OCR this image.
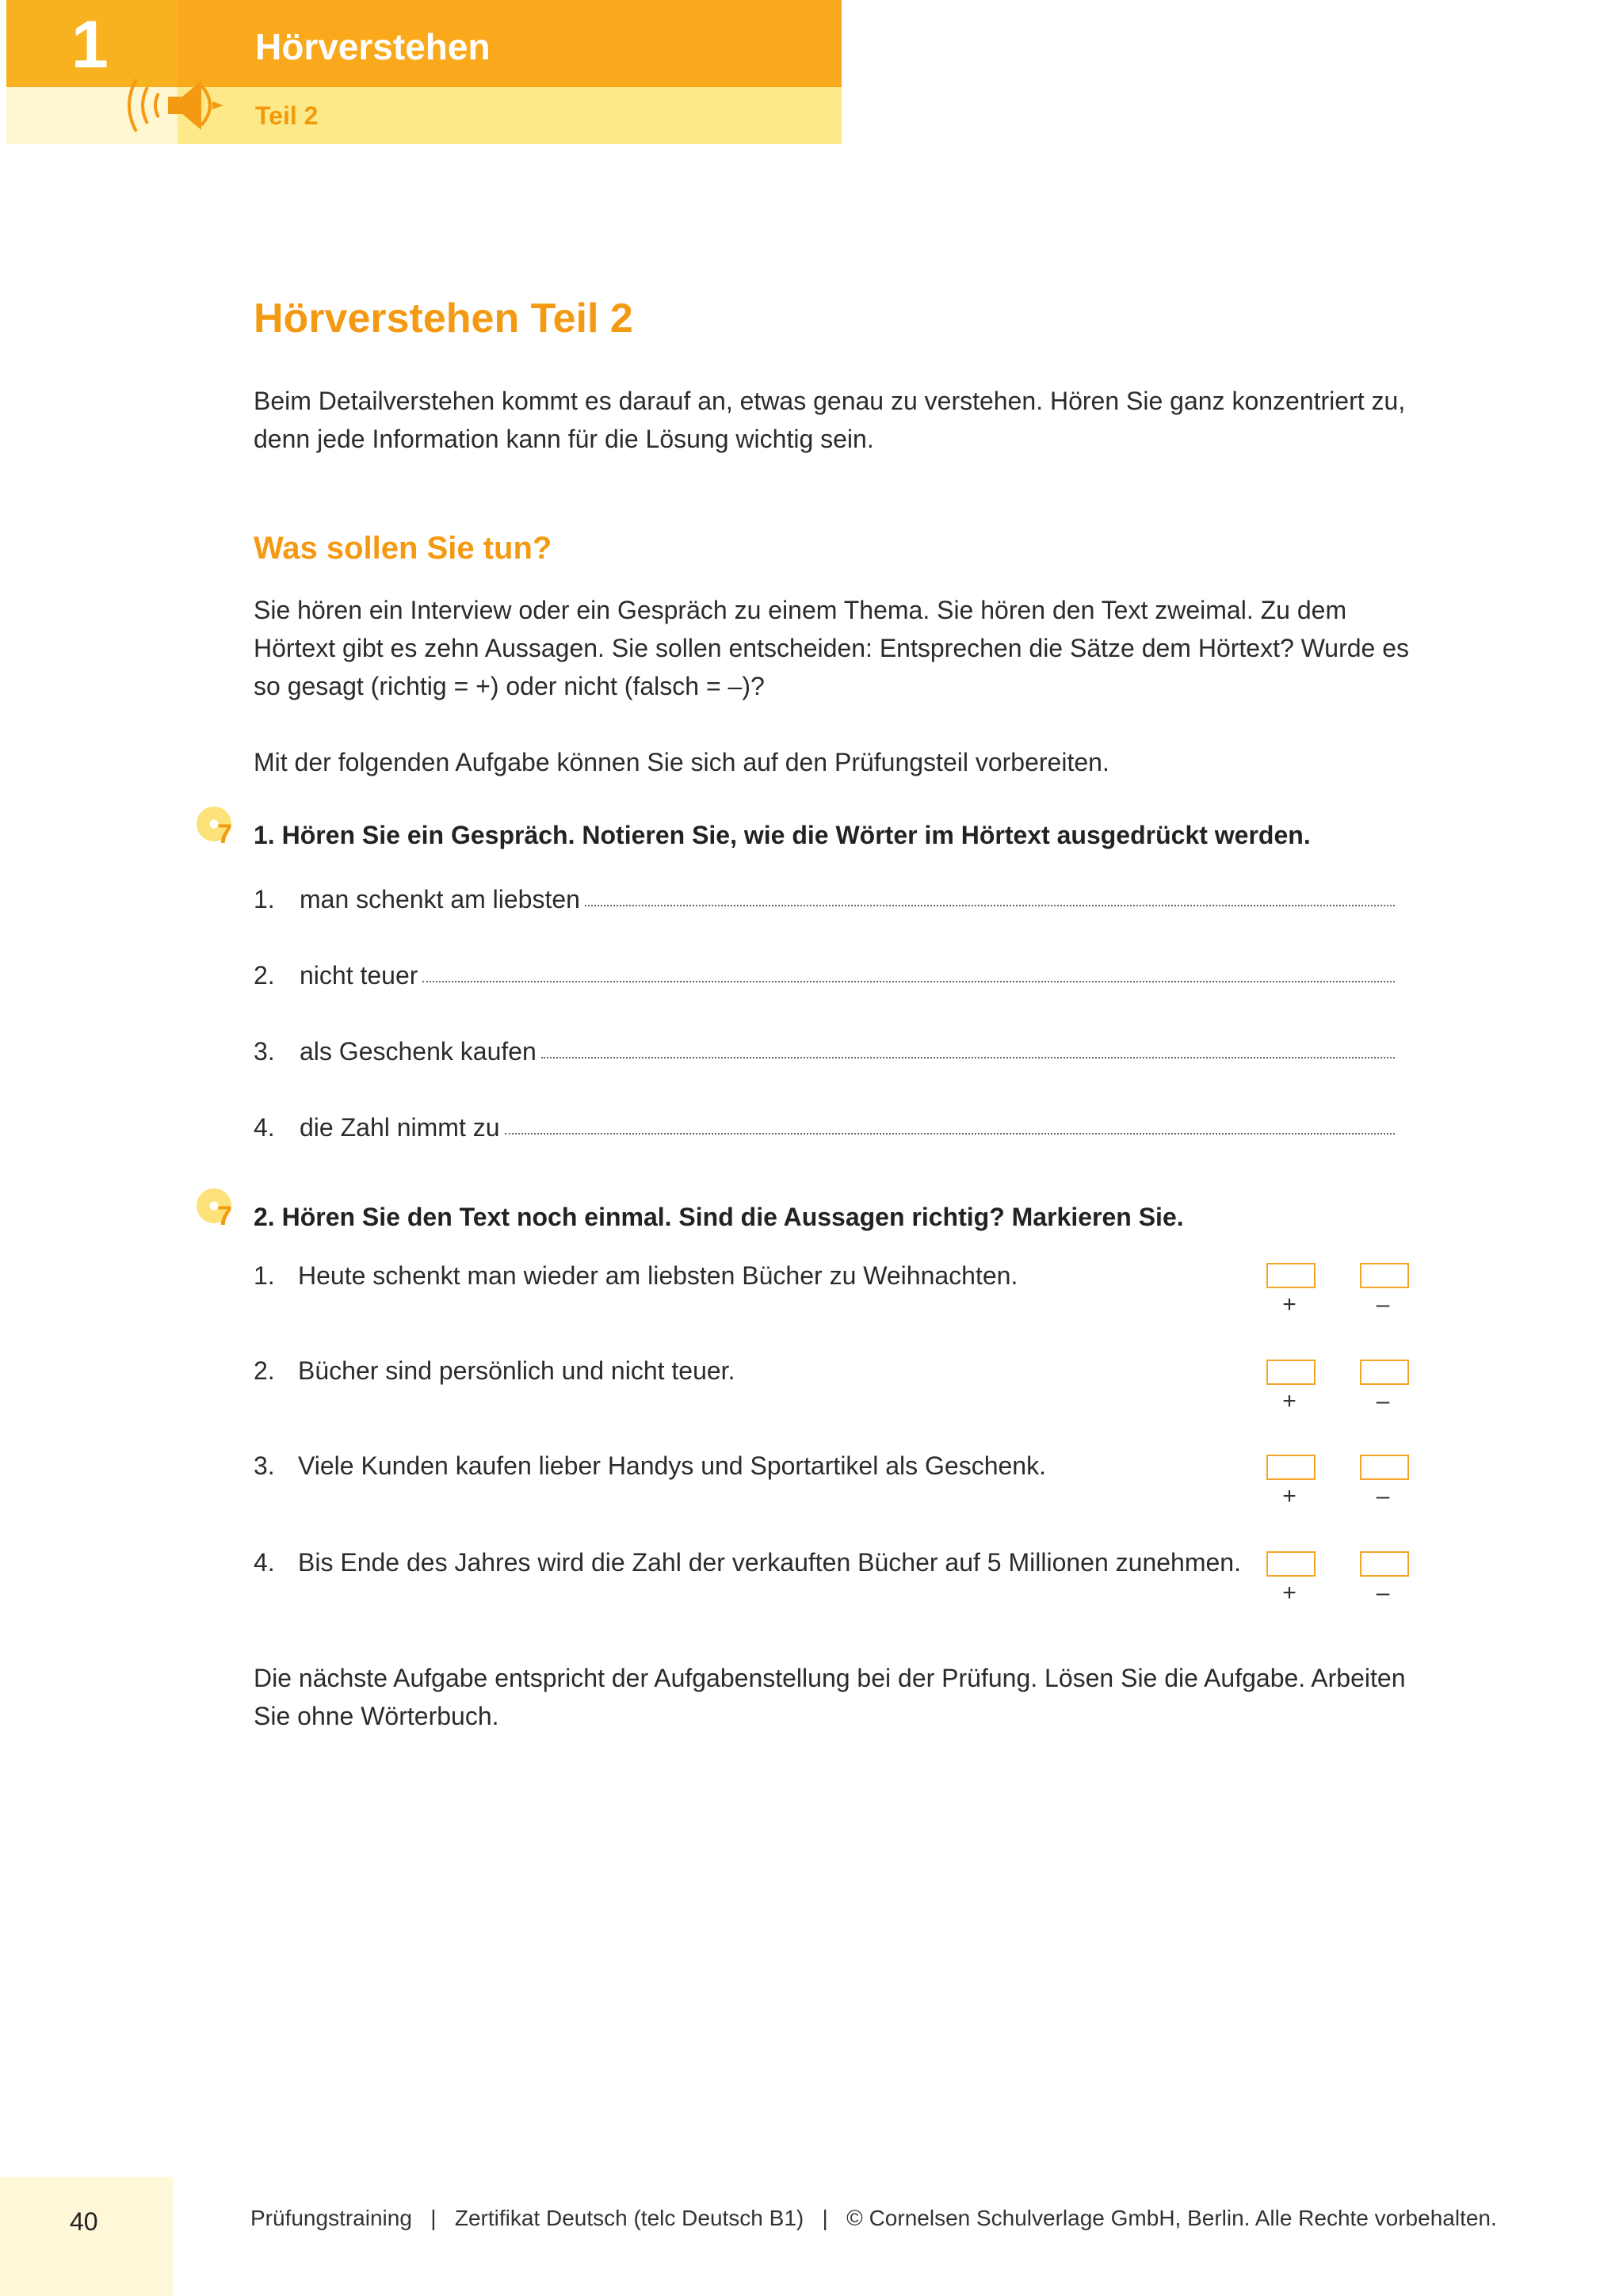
1	Hörverstehen
Teil 2
Hörverstehen Teil 2
Beim Detailverstehen kommt es darauf an, etwas genau zu verstehen. Hören Sie ganz konzentriert zu, denn jede Information kann für die Lösung wichtig sein.
Was sollen Sie tun?
Sie hören ein Interview oder ein Gespräch zu einem Thema. Sie hören den Text zweimal. Zu dem Hörtext gibt es zehn Aussagen. Sie sollen entscheiden: Entsprechen die Sätze dem Hörtext? Wurde es so gesagt (richtig = +) oder nicht (falsch = –)?
Mit der folgenden Aufgabe können Sie sich auf den Prüfungsteil vorbereiten.
7 1. Hören Sie ein Gespräch. Notieren Sie, wie die Wörter im Hörtext ausgedrückt werden.
1. man schenkt am liebsten
2. nicht teuer
3. als Geschenk kaufen
4. die Zahl nimmt zu
7 2. Hören Sie den Text noch einmal. Sind die Aussagen richtig? Markieren Sie.
1. Heute schenkt man wieder am liebsten Bücher zu Weihnachten.
+	–
2. Bücher sind persönlich und nicht teuer.
+	–
3. Viele Kunden kaufen lieber Handys und Sportartikel als Geschenk.
+	–
4. Bis Ende des Jahres wird die Zahl der verkauften Bücher auf 5 Millionen zunehmen.
+	–
Die nächste Aufgabe entspricht der Aufgabenstellung bei der Prüfung. Lösen Sie die Aufgabe. Arbeiten Sie ohne Wörterbuch.
40	Prüfungstraining   |   Zertifikat Deutsch (telc Deutsch B1)   |   © Cornelsen Schulverlage GmbH, Berlin. Alle Rechte vorbehalten.
